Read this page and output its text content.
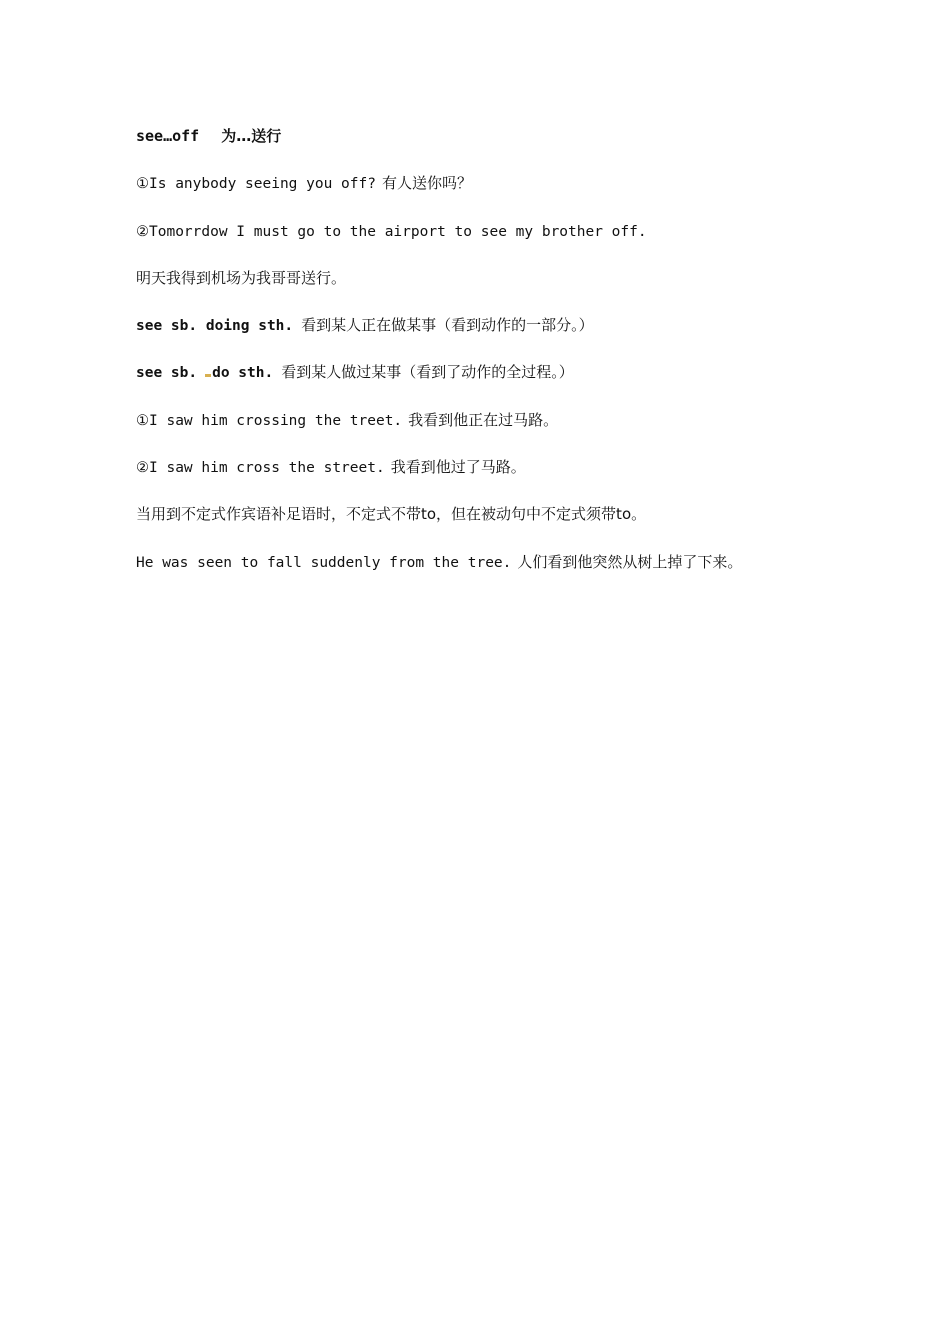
see…off 为…送行
①Is anybody seeing you off? 有人送你吗？
②Tomorrdow I must go to the airport to see my brother off.
明天我得到机场为我哥哥送行。
see sb. doing sth. 看到某人正在做某事（看到动作的一部分。）
see sb. do sth. 看到某人做过某事（看到了动作的全过程。）
①I saw him crossing the treet. 我看到他正在过马路。
②I saw him cross the street. 我看到他过了马路。
当用到不定式作宾语补足语时，不定式不带to，但在被动句中不定式须带to。
He was seen to fall suddenly from the tree. 人们看到他突然从树上掉了下来。
